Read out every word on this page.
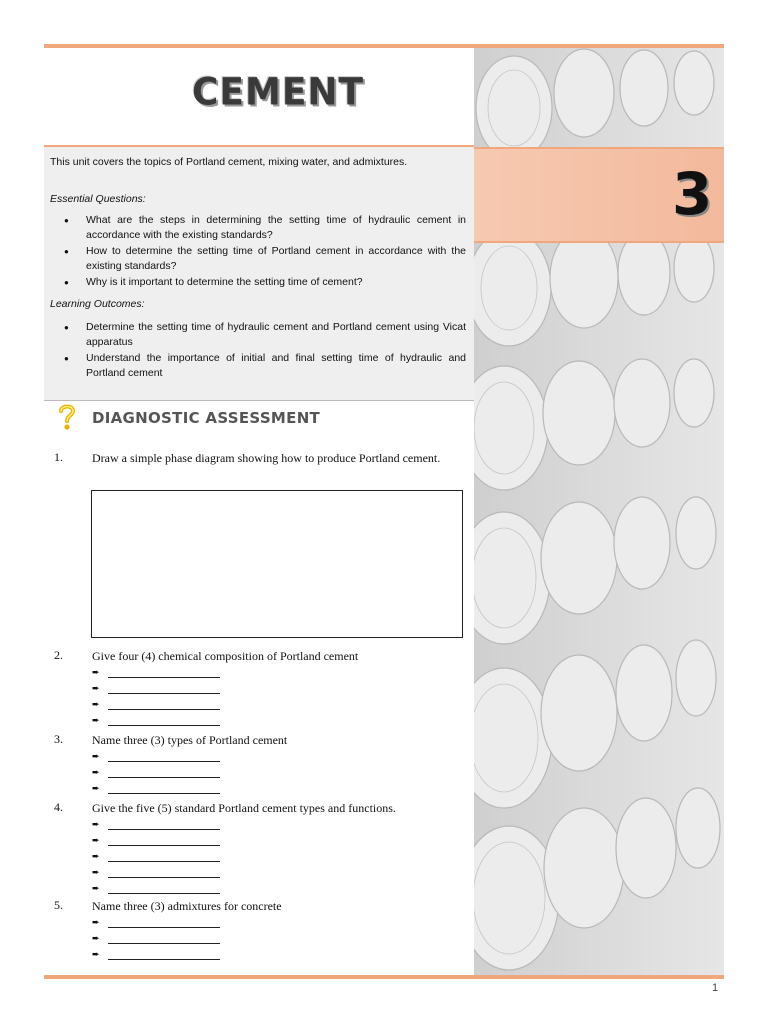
3
CEMENT
This unit covers the topics of Portland cement, mixing water, and admixtures.
Essential Questions:
● What are the steps in determining the setting time of hydraulic cement in accordance with the existing standards?
● How to determine the setting time of Portland cement in accordance with the existing standards?
● Why is it important to determine the setting time of cement?
Learning Outcomes:
● Determine the setting time of hydraulic cement and Portland cement using Vicat apparatus
● Understand the importance of initial and final setting time of hydraulic and Portland cement
DIAGNOSTIC ASSESSMENT
1. Draw a simple phase diagram showing how to produce Portland cement.
2. Give four (4) chemical composition of Portland cement
➨
➨
➨
➨
3. Name three (3) types of Portland cement
➨
➨
➨
4. Give the five (5) standard Portland cement types and functions.
➨
➨
➨
➨
➨
5. Name three (3) admixtures for concrete
➨
➨
➨
1
